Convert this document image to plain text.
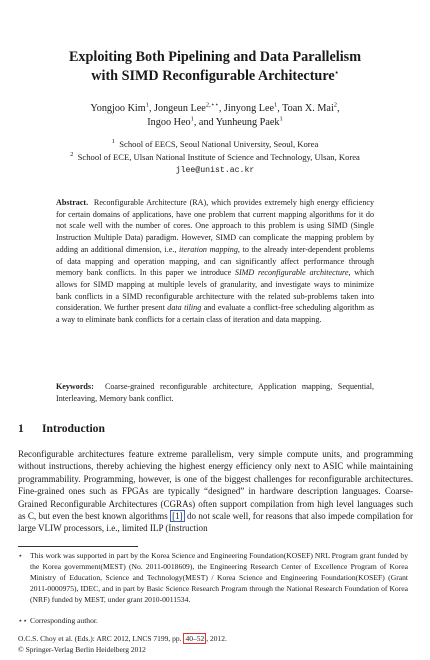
Exploiting Both Pipelining and Data Parallelism
with SIMD Reconfigurable Architecture⋆
Yongjoo Kim$^1$, Jongeun Lee$^{2,⋆⋆}$, Jinyong Lee$^1$, Toan X. Mai$^2$,
Ingoo Heo$^1$, and Yunheung Paek$^1$
$^1$ School of EECS, Seoul National University, Seoul, Korea
$^2$ School of ECE, Ulsan National Institute of Science and Technology, Ulsan, Korea
jlee@unist.ac.kr

Abstract. Reconfigurable Architecture (RA), which provides extremely high energy efficiency for certain domains of applications, have one problem that current mapping algorithms for it do not scale well with the number of cores. One approach to this problem is using SIMD (Single Instruction Multiple Data) paradigm. However, SIMD can complicate the mapping problem by adding an additional dimension, i.e., iteration mapping, to the already inter-dependent problems of data mapping and operation mapping, and can significantly affect performance through memory bank conflicts. In this paper we introduce SIMD reconfigurable architecture, which allows for SIMD mapping at multiple levels of granularity, and investigate ways to minimize bank conflicts in a SIMD reconfigurable architecture with the related sub-problems taken into consideration. We further present data tiling and evaluate a conflict-free scheduling algorithm as a way to eliminate bank conflicts for a certain class of iteration and data mapping.

Keywords: Coarse-grained reconfigurable architecture, Application mapping, Sequential, Interleaving, Memory bank conflict.
1 Introduction

Reconfigurable architectures feature extreme parallelism, very simple compute units, and programming without instructions, thereby achieving the highest energy efficiency only next to ASIC while maintaining programmability. Programming, however, is one of the biggest challenges for reconfigurable architectures. Fine-grained ones such as FPGAs are typically “designed” in hardware description languages. Coarse-Grained Reconfigurable Architectures (CGRAs) often support compilation from high level languages such as C, but even the best known algorithms [1] do not scale well, for reasons that also impede compilation for large VLIW processors, i.e., limited ILP (Instruction

⋆ This work was supported in part by the Korea Science and Engineering Foundation(KOSEF) NRL Program grant funded by the Korea government(MEST) (No. 2011-0018609), the Engineering Research Center of Excellence Program of Korea Ministry of Education, Science and Technology(MEST) / Korea Science and Engineering Foundation(KOSEF) (Grant 2011-0000975), IDEC, and in part by Basic Science Research Program through the National Research Foundation of Korea (NRF) funded by MEST, under grant 2010-0011534.
⋆⋆ Corresponding author.
O.C.S. Choy et al. (Eds.): ARC 2012, LNCS 7199, pp. 40–52 , 2012.
© Springer-Verlag Berlin Heidelberg 2012
